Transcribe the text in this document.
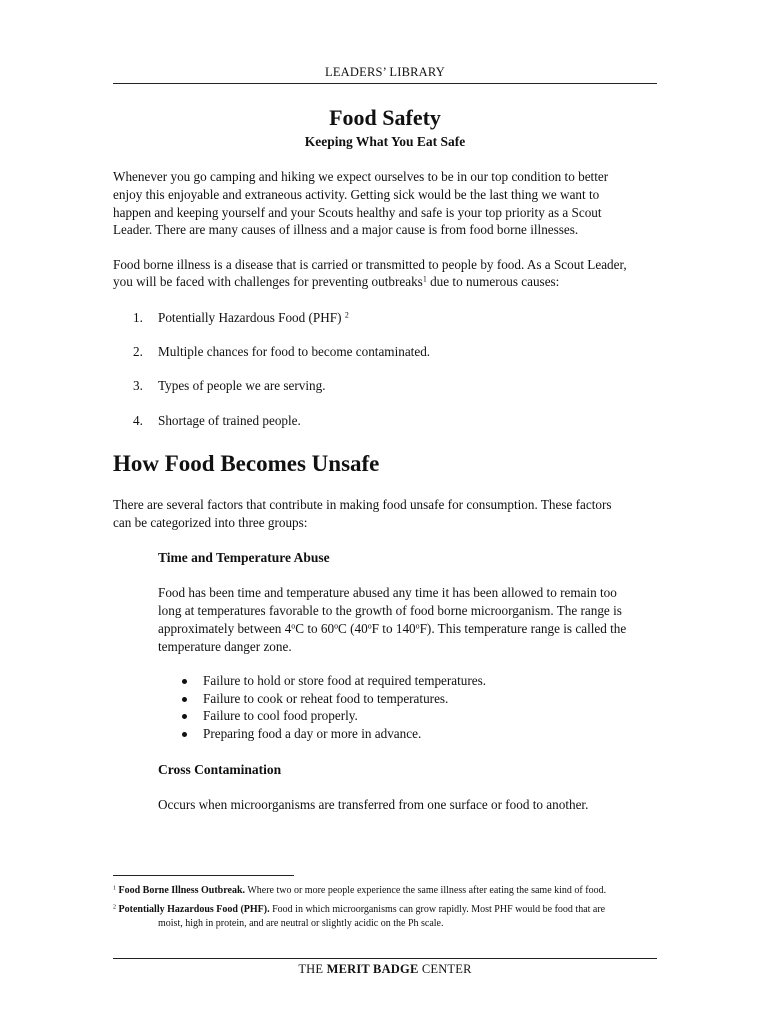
LEADERS’ LIBRARY
Food Safety
Keeping What You Eat Safe
Whenever you go camping and hiking we expect ourselves to be in our top condition to better
enjoy this enjoyable and extraneous activity. Getting sick would be the last thing we want to
happen and keeping yourself and your Scouts healthy and safe is your top priority as a Scout
Leader. There are many causes of illness and a major cause is from food borne illnesses.
Food borne illness is a disease that is carried or transmitted to people by food. As a Scout Leader,
you will be faced with challenges for preventing outbreaks$^1$ due to numerous causes:
1. Potentially Hazardous Food (PHF) $^2$
2. Multiple chances for food to become contaminated.
3. Types of people we are serving.
4. Shortage of trained people.
How Food Becomes Unsafe
There are several factors that contribute in making food unsafe for consumption. These factors
can be categorized into three groups:
Time and Temperature Abuse
Food has been time and temperature abused any time it has been allowed to remain too
long at temperatures favorable to the growth of food borne microorganism. The range is
approximately between 4$^o$C to 60$^o$C (40$^o$F to 140$^o$F). This temperature range is called the
temperature danger zone.
Failure to hold or store food at required temperatures.
Failure to cook or reheat food to temperatures.
Failure to cool food properly.
Preparing food a day or more in advance.
Cross Contamination
Occurs when microorganisms are transferred from one surface or food to another.
$^1$ Food Borne Illness Outbreak. Where two or more people experience the same illness after eating the same kind of food.
$^2$ Potentially Hazardous Food (PHF). Food in which microorganisms can grow rapidly. Most PHF would be food that are
moist, high in protein, and are neutral or slightly acidic on the Ph scale.
THE MERIT BADGE CENTER
